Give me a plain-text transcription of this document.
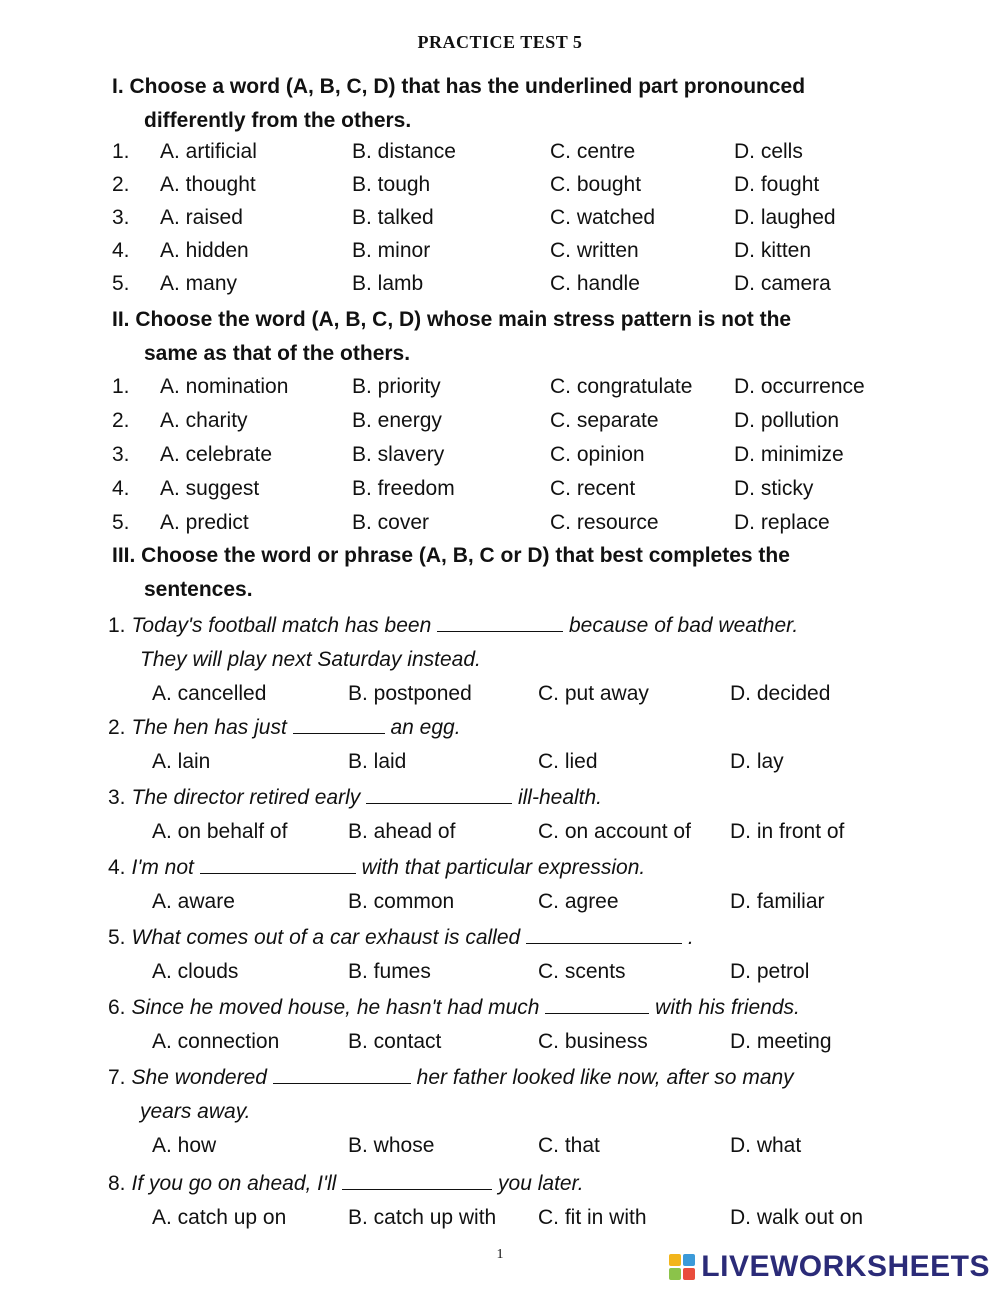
PRACTICE TEST 5
I. Choose a word (A, B, C, D) that has the underlined part pronounced
differently from the others.
1. A. artificial	B. distance	C. centre	D. cells
2. A. thought	B. tough	C. bought	D. fought
3. A. raised	B. talked	C. watched	D. laughed
4. A. hidden	B. minor	C. written	D. kitten
5. A. many	B. lamb	C. handle	D. camera
II. Choose the word (A, B, C, D) whose main stress pattern is not the
same as that of the others.
1. A. nomination	B. priority	C. congratulate D. occurrence
2. A. charity	B. energy	C. separate	D. pollution
3. A. celebrate	B. slavery	C. opinion	D. minimize
4. A. suggest	B. freedom	C. recent	D. sticky
5. A. predict	B. cover	C. resource	D. replace
III. Choose the word or phrase (A, B, C or D) that best completes the
sentences.
1. Today's football match has been	because of bad weather.
They will play next Saturday instead.
A. cancelled	B. postponed	C. put away	D. decided
2. The hen has just	an egg.
A. lain	B. laid	C. lied	D. lay
3. The director retired early	ill-health.
A. on behalf of	B. ahead of	C. on account of D. in front of
4. I'm not	with that particular expression.
A. aware	B. common	C. agree	D. familiar
5. What comes out of a car exhaust is called	.
A. clouds	B. fumes	C. scents	D. petrol
6. Since he moved house, he hasn't had much	with his friends.
A. connection	B. contact	C. business	D. meeting
7. She wondered	her father looked like now, after so many
years away.
A. how	B. whose	C. that	D. what
8. If you go on ahead, I'll	you later.
A. catch up on	B. catch up with C. fit in with	D. walk out on
1	LIVEWORKSHEETS
